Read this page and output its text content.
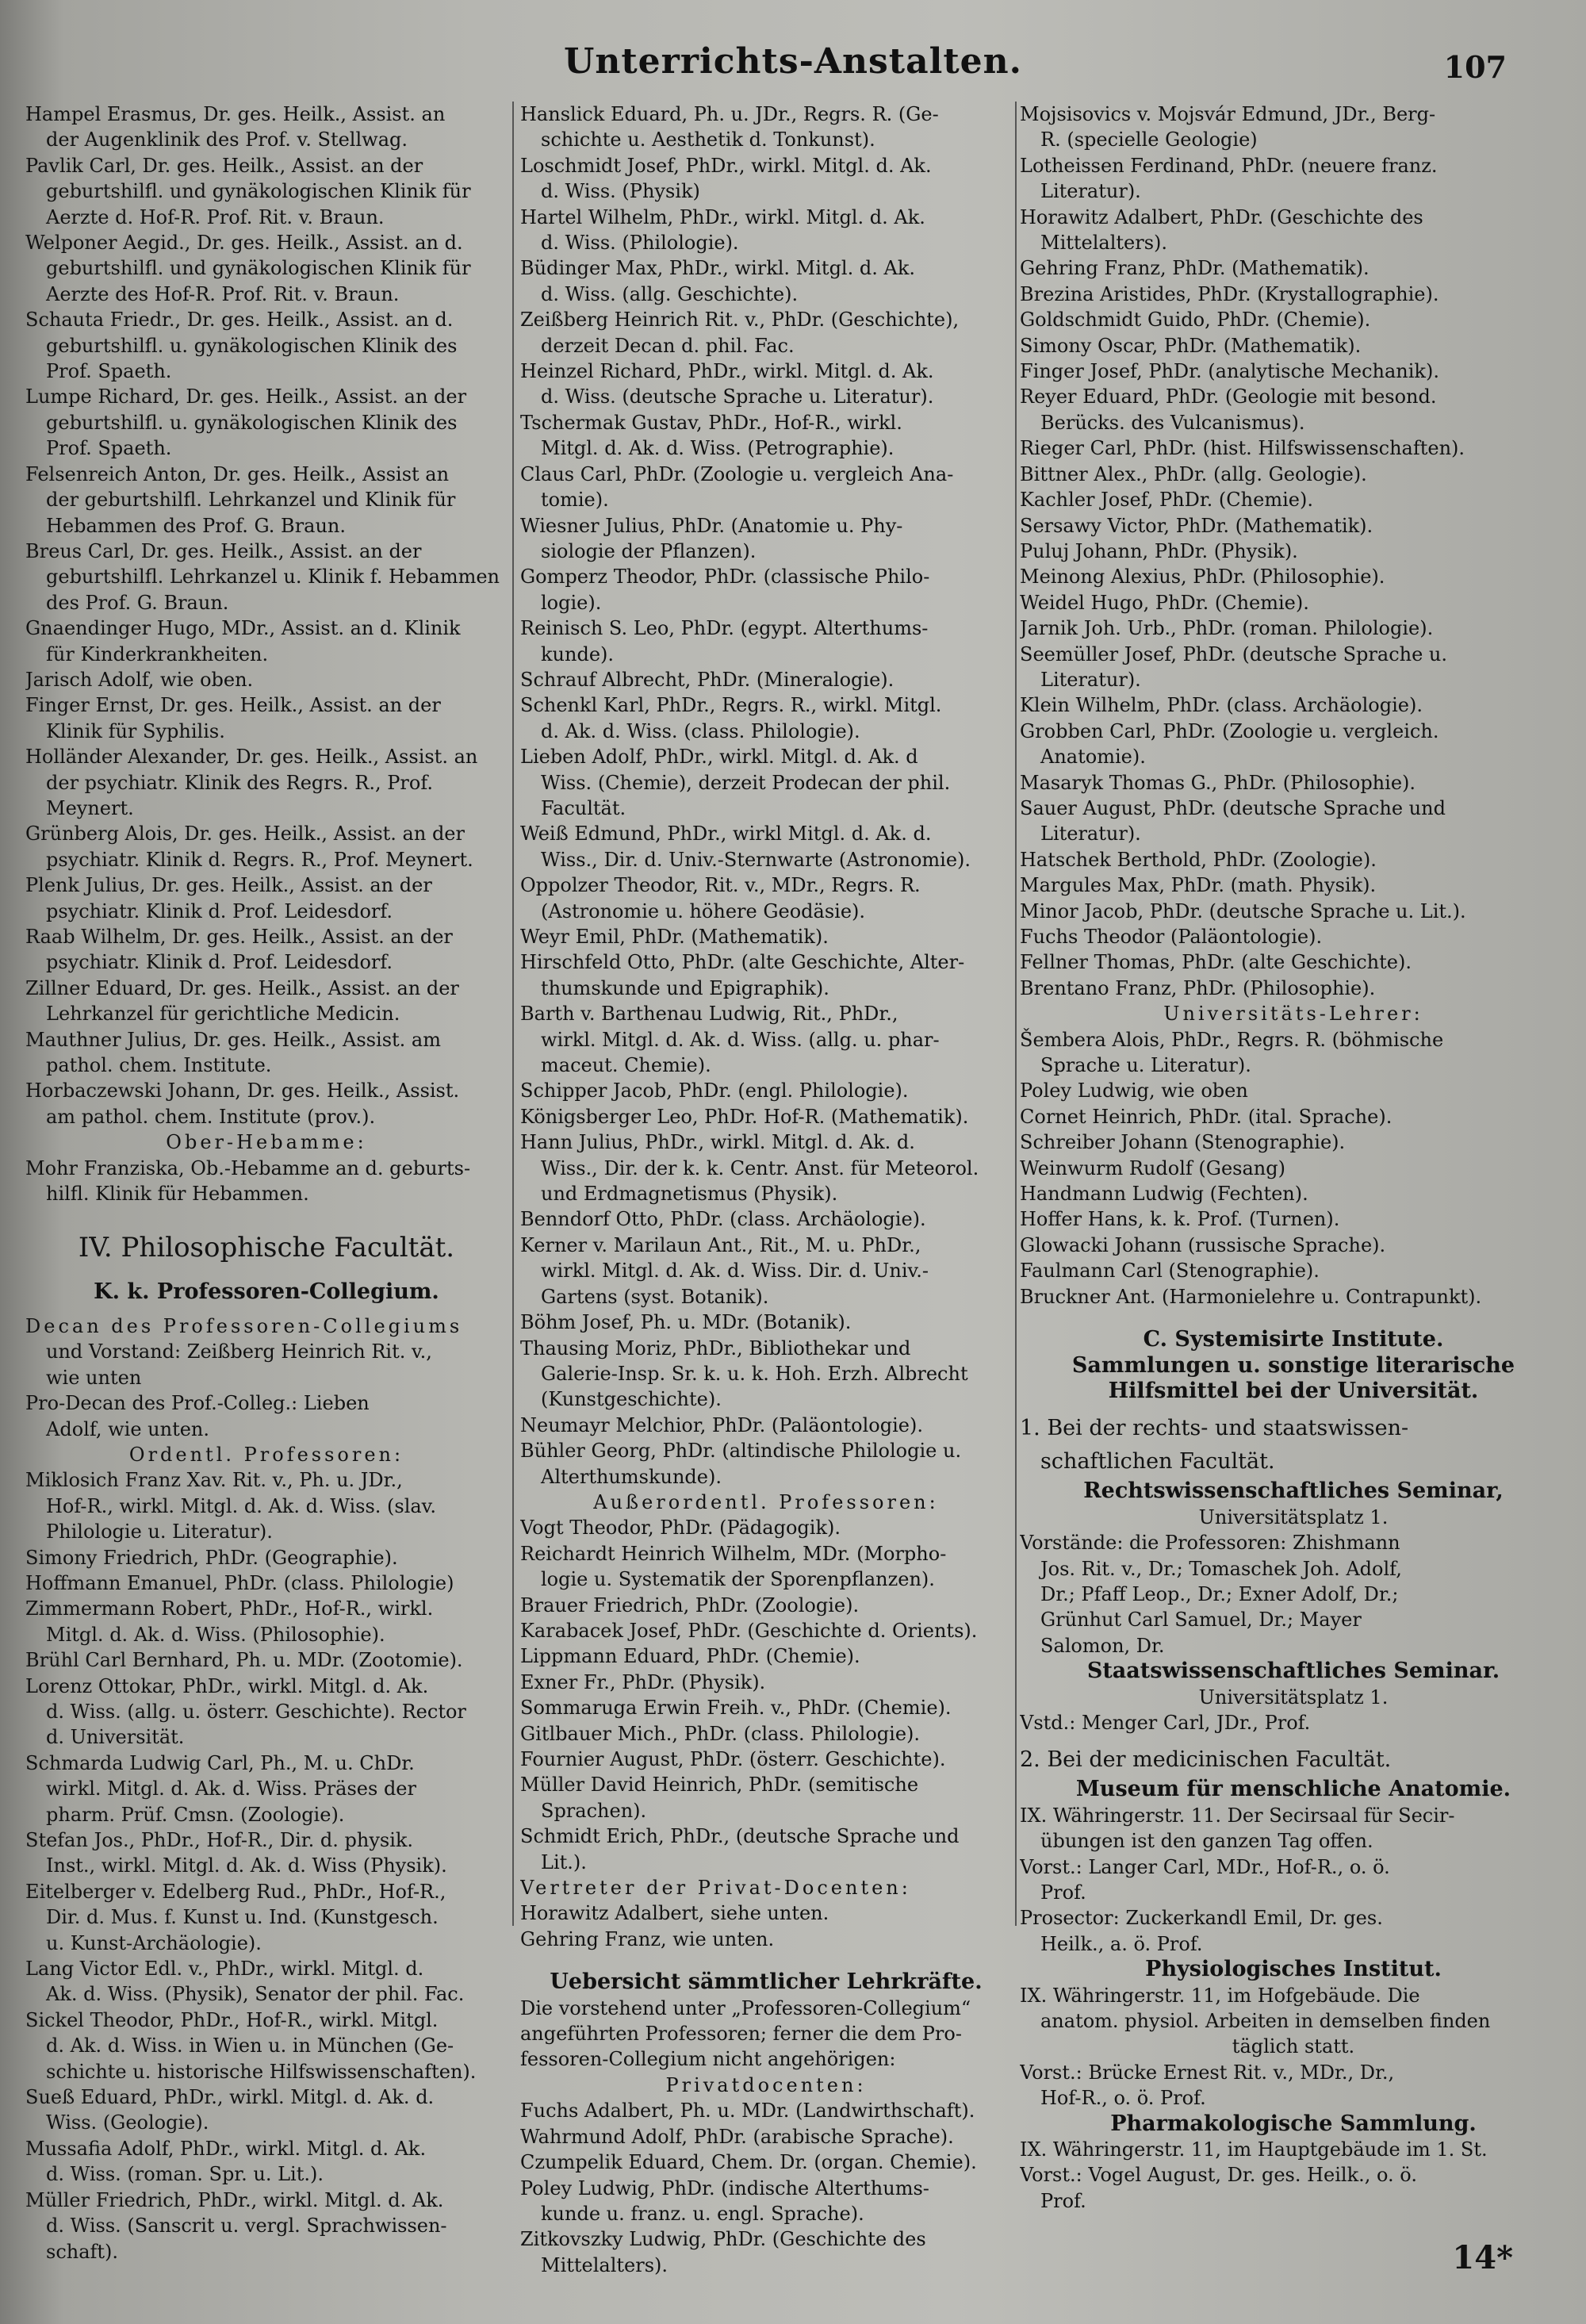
Unterrichts-Anstalten.	107
Hampel Erasmus, Dr. ges. Heilk., Assist. an
der Augenklinik des Prof. v. Stellwag.
Pavlik Carl, Dr. ges. Heilk., Assist. an der
geburtshilfl. und gynäkologischen Klinik für
Aerzte d. Hof-R. Prof. Rit. v. Braun.
Welponer Aegid., Dr. ges. Heilk., Assist. an d.
geburtshilfl. und gynäkologischen Klinik für
Aerzte des Hof-R. Prof. Rit. v. Braun.
Schauta Friedr., Dr. ges. Heilk., Assist. an d.
geburtshilfl. u. gynäkologischen Klinik des
Prof. Spaeth.
Lumpe Richard, Dr. ges. Heilk., Assist. an der
geburtshilfl. u. gynäkologischen Klinik des
Prof. Spaeth.
Felsenreich Anton, Dr. ges. Heilk., Assist an
der geburtshilfl. Lehrkanzel und Klinik für
Hebammen des Prof. G. Braun.
Breus Carl, Dr. ges. Heilk., Assist. an der
geburtshilfl. Lehrkanzel u. Klinik f. Hebammen
des Prof. G. Braun.
Gnaendinger Hugo, MDr., Assist. an d. Klinik
für Kinderkrankheiten.
Jarisch Adolf, wie oben.
Finger Ernst, Dr. ges. Heilk., Assist. an der
Klinik für Syphilis.
Holländer Alexander, Dr. ges. Heilk., Assist. an
der psychiatr. Klinik des Regrs. R., Prof.
Meynert.
Grünberg Alois, Dr. ges. Heilk., Assist. an der
psychiatr. Klinik d. Regrs. R., Prof. Meynert.
Plenk Julius, Dr. ges. Heilk., Assist. an der
psychiatr. Klinik d. Prof. Leidesdorf.
Raab Wilhelm, Dr. ges. Heilk., Assist. an der
psychiatr. Klinik d. Prof. Leidesdorf.
Zillner Eduard, Dr. ges. Heilk., Assist. an der
Lehrkanzel für gerichtliche Medicin.
Mauthner Julius, Dr. ges. Heilk., Assist. am
pathol. chem. Institute.
Horbaczewski Johann, Dr. ges. Heilk., Assist.
am pathol. chem. Institute (prov.).
Ober-Hebamme:
Mohr Franziska, Ob.-Hebamme an d. geburts-
hilfl. Klinik für Hebammen.
IV. Philosophische Facultät.
K. k. Professoren-Collegium.
Decan des Professoren-Collegiums
und Vorstand: Zeißberg Heinrich Rit. v.,
wie unten
Pro-Decan des Prof.-Colleg.: Lieben
Adolf, wie unten.
Ordentl. Professoren:
Miklosich Franz Xav. Rit. v., Ph. u. JDr.,
Hof-R., wirkl. Mitgl. d. Ak. d. Wiss. (slav.
Philologie u. Literatur).
Simony Friedrich, PhDr. (Geographie).
Hoffmann Emanuel, PhDr. (class. Philologie)
Zimmermann Robert, PhDr., Hof-R., wirkl.
Mitgl. d. Ak. d. Wiss. (Philosophie).
Brühl Carl Bernhard, Ph. u. MDr. (Zootomie).
Lorenz Ottokar, PhDr., wirkl. Mitgl. d. Ak.
d. Wiss. (allg. u. österr. Geschichte). Rector
d. Universität.
Schmarda Ludwig Carl, Ph., M. u. ChDr.
wirkl. Mitgl. d. Ak. d. Wiss. Präses der
pharm. Prüf. Cmsn. (Zoologie).
Stefan Jos., PhDr., Hof-R., Dir. d. physik.
Inst., wirkl. Mitgl. d. Ak. d. Wiss (Physik).
Eitelberger v. Edelberg Rud., PhDr., Hof-R.,
Dir. d. Mus. f. Kunst u. Ind. (Kunstgesch.
u. Kunst-Archäologie).
Lang Victor Edl. v., PhDr., wirkl. Mitgl. d.
Ak. d. Wiss. (Physik), Senator der phil. Fac.
Sickel Theodor, PhDr., Hof-R., wirkl. Mitgl.
d. Ak. d. Wiss. in Wien u. in München (Ge-
schichte u. historische Hilfswissenschaften).
Sueß Eduard, PhDr., wirkl. Mitgl. d. Ak. d.
Wiss. (Geologie).
Mussafia Adolf, PhDr., wirkl. Mitgl. d. Ak.
d. Wiss. (roman. Spr. u. Lit.).
Müller Friedrich, PhDr., wirkl. Mitgl. d. Ak.
d. Wiss. (Sanscrit u. vergl. Sprachwissen-
schaft).
Hanslick Eduard, Ph. u. JDr., Regrs. R. (Ge-
schichte u. Aesthetik d. Tonkunst).
Loschmidt Josef, PhDr., wirkl. Mitgl. d. Ak.
d. Wiss. (Physik)
Hartel Wilhelm, PhDr., wirkl. Mitgl. d. Ak.
d. Wiss. (Philologie).
Büdinger Max, PhDr., wirkl. Mitgl. d. Ak.
d. Wiss. (allg. Geschichte).
Zeißberg Heinrich Rit. v., PhDr. (Geschichte),
derzeit Decan d. phil. Fac.
Heinzel Richard, PhDr., wirkl. Mitgl. d. Ak.
d. Wiss. (deutsche Sprache u. Literatur).
Tschermak Gustav, PhDr., Hof-R., wirkl.
Mitgl. d. Ak. d. Wiss. (Petrographie).
Claus Carl, PhDr. (Zoologie u. vergleich Ana-
tomie).
Wiesner Julius, PhDr. (Anatomie u. Phy-
siologie der Pflanzen).
Gomperz Theodor, PhDr. (classische Philo-
logie).
Reinisch S. Leo, PhDr. (egypt. Alterthums-
kunde).
Schrauf Albrecht, PhDr. (Mineralogie).
Schenkl Karl, PhDr., Regrs. R., wirkl. Mitgl.
d. Ak. d. Wiss. (class. Philologie).
Lieben Adolf, PhDr., wirkl. Mitgl. d. Ak. d
Wiss. (Chemie), derzeit Prodecan der phil.
Facultät.
Weiß Edmund, PhDr., wirkl Mitgl. d. Ak. d.
Wiss., Dir. d. Univ.-Sternwarte (Astronomie).
Oppolzer Theodor, Rit. v., MDr., Regrs. R.
(Astronomie u. höhere Geodäsie).
Weyr Emil, PhDr. (Mathematik).
Hirschfeld Otto, PhDr. (alte Geschichte, Alter-
thumskunde und Epigraphik).
Barth v. Barthenau Ludwig, Rit., PhDr.,
wirkl. Mitgl. d. Ak. d. Wiss. (allg. u. phar-
maceut. Chemie).
Schipper Jacob, PhDr. (engl. Philologie).
Königsberger Leo, PhDr. Hof-R. (Mathematik).
Hann Julius, PhDr., wirkl. Mitgl. d. Ak. d.
Wiss., Dir. der k. k. Centr. Anst. für Meteorol.
und Erdmagnetismus (Physik).
Benndorf Otto, PhDr. (class. Archäologie).
Kerner v. Marilaun Ant., Rit., M. u. PhDr.,
wirkl. Mitgl. d. Ak. d. Wiss. Dir. d. Univ.-
Gartens (syst. Botanik).
Böhm Josef, Ph. u. MDr. (Botanik).
Thausing Moriz, PhDr., Bibliothekar und
Galerie-Insp. Sr. k. u. k. Hoh. Erzh. Albrecht
(Kunstgeschichte).
Neumayr Melchior, PhDr. (Paläontologie).
Bühler Georg, PhDr. (altindische Philologie u.
Alterthumskunde).
Außerordentl. Professoren:
Vogt Theodor, PhDr. (Pädagogik).
Reichardt Heinrich Wilhelm, MDr. (Morpho-
logie u. Systematik der Sporenpflanzen).
Brauer Friedrich, PhDr. (Zoologie).
Karabacek Josef, PhDr. (Geschichte d. Orients).
Lippmann Eduard, PhDr. (Chemie).
Exner Fr., PhDr. (Physik).
Sommaruga Erwin Freih. v., PhDr. (Chemie).
Gitlbauer Mich., PhDr. (class. Philologie).
Fournier August, PhDr. (österr. Geschichte).
Müller David Heinrich, PhDr. (semitische
Sprachen).
Schmidt Erich, PhDr., (deutsche Sprache und
Lit.).
Vertreter der Privat-Docenten:
Horawitz Adalbert, siehe unten.
Gehring Franz, wie unten.
Uebersicht sämmtlicher Lehrkräfte.
Die vorstehend unter „Professoren-Collegium“
angeführten Professoren; ferner die dem Pro-
fessoren-Collegium nicht angehörigen:
Privatdocenten:
Fuchs Adalbert, Ph. u. MDr. (Landwirthschaft).
Wahrmund Adolf, PhDr. (arabische Sprache).
Czumpelik Eduard, Chem. Dr. (organ. Chemie).
Poley Ludwig, PhDr. (indische Alterthums-
kunde u. franz. u. engl. Sprache).
Zitkovszky Ludwig, PhDr. (Geschichte des
Mittelalters).
Mojsisovics v. Mojsvár Edmund, JDr., Berg-
R. (specielle Geologie)
Lotheissen Ferdinand, PhDr. (neuere franz.
Literatur).
Horawitz Adalbert, PhDr. (Geschichte des
Mittelalters).
Gehring Franz, PhDr. (Mathematik).
Brezina Aristides, PhDr. (Krystallographie).
Goldschmidt Guido, PhDr. (Chemie).
Simony Oscar, PhDr. (Mathematik).
Finger Josef, PhDr. (analytische Mechanik).
Reyer Eduard, PhDr. (Geologie mit besond.
Berücks. des Vulcanismus).
Rieger Carl, PhDr. (hist. Hilfswissenschaften).
Bittner Alex., PhDr. (allg. Geologie).
Kachler Josef, PhDr. (Chemie).
Sersawy Victor, PhDr. (Mathematik).
Puluj Johann, PhDr. (Physik).
Meinong Alexius, PhDr. (Philosophie).
Weidel Hugo, PhDr. (Chemie).
Jarnik Joh. Urb., PhDr. (roman. Philologie).
Seemüller Josef, PhDr. (deutsche Sprache u.
Literatur).
Klein Wilhelm, PhDr. (class. Archäologie).
Grobben Carl, PhDr. (Zoologie u. vergleich.
Anatomie).
Masaryk Thomas G., PhDr. (Philosophie).
Sauer August, PhDr. (deutsche Sprache und
Literatur).
Hatschek Berthold, PhDr. (Zoologie).
Margules Max, PhDr. (math. Physik).
Minor Jacob, PhDr. (deutsche Sprache u. Lit.).
Fuchs Theodor (Paläontologie).
Fellner Thomas, PhDr. (alte Geschichte).
Brentano Franz, PhDr. (Philosophie).
Universitäts-Lehrer:
Šembera Alois, PhDr., Regrs. R. (böhmische
Sprache u. Literatur).
Poley Ludwig, wie oben
Cornet Heinrich, PhDr. (ital. Sprache).
Schreiber Johann (Stenographie).
Weinwurm Rudolf (Gesang)
Handmann Ludwig (Fechten).
Hoffer Hans, k. k. Prof. (Turnen).
Glowacki Johann (russische Sprache).
Faulmann Carl (Stenographie).
Bruckner Ant. (Harmonielehre u. Contrapunkt).
C. Systemisirte Institute.
Sammlungen u. sonstige literarische
Hilfsmittel bei der Universität.
1. Bei der rechts- und staatswissen-
schaftlichen Facultät.
Rechtswissenschaftliches Seminar,
Universitätsplatz 1.
Vorstände: die Professoren: Zhishmann
Jos. Rit. v., Dr.; Tomaschek Joh. Adolf,
Dr.; Pfaff Leop., Dr.; Exner Adolf, Dr.;
Grünhut Carl Samuel, Dr.; Mayer
Salomon, Dr.
Staatswissenschaftliches Seminar.
Universitätsplatz 1.
Vstd.: Menger Carl, JDr., Prof.
2. Bei der medicinischen Facultät.
Museum für menschliche Anatomie.
IX. Währingerstr. 11. Der Secirsaal für Secir-
übungen ist den ganzen Tag offen.
Vorst.: Langer Carl, MDr., Hof-R., o. ö.
Prof.
Prosector: Zuckerkandl Emil, Dr. ges.
Heilk., a. ö. Prof.
Physiologisches Institut.
IX. Währingerstr. 11, im Hofgebäude. Die
anatom. physiol. Arbeiten in demselben finden
täglich statt.
Vorst.: Brücke Ernest Rit. v., MDr., Dr.,
Hof-R., o. ö. Prof.
Pharmakologische Sammlung.
IX. Währingerstr. 11, im Hauptgebäude im 1. St.
Vorst.: Vogel August, Dr. ges. Heilk., o. ö.
Prof.
14*
